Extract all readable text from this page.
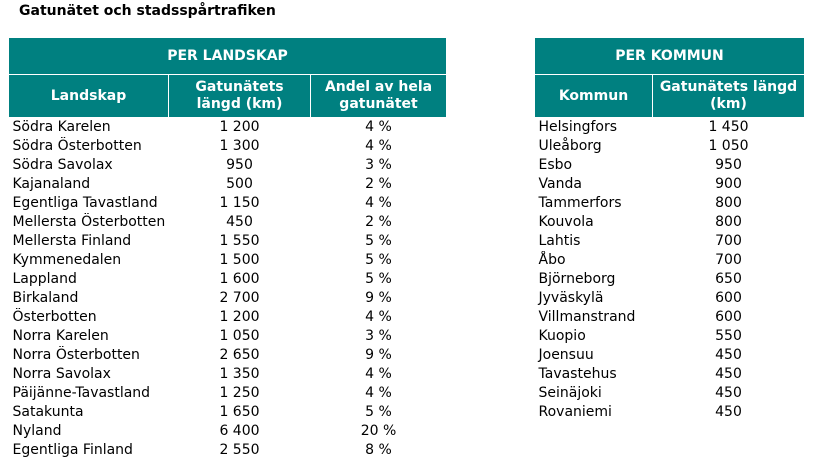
Gatunätet och stadsspårtrafiken
PER LANDSKAP		
Landskap	Gatunätets längd (km)	Andel av hela gatunätet
Södra Karelen	1 200	4 %
Södra Österbotten	1 300	4 %
Södra Savolax	950	3 %
Kajanaland	500	2 %
Egentliga Tavastland	1 150	4 %
Mellersta Österbotten	450	2 %
Mellersta Finland	1 550	5 %
Kymmenedalen	1 500	5 %
Lappland	1 600	5 %
Birkaland	2 700	9 %
Österbotten	1 200	4 %
Norra Karelen	1 050	3 %
Norra Österbotten	2 650	9 %
Norra Savolax	1 350	4 %
Päijänne-Tavastland	1 250	4 %
Satakunta	1 650	5 %
Nyland	6 400	20 %
Egentliga Finland	2 550	8 %
PER KOMMUN	
Kommun	Gatunätets längd (km)
Helsingfors	1 450
Uleåborg	1 050
Esbo	950
Vanda	900
Tammerfors	800
Kouvola	800
Lahtis	700
Åbo	700
Björneborg	650
Jyväskylä	600
Villmanstrand	600
Kuopio	550
Joensuu	450
Tavastehus	450
Seinäjoki	450
Rovaniemi	450
